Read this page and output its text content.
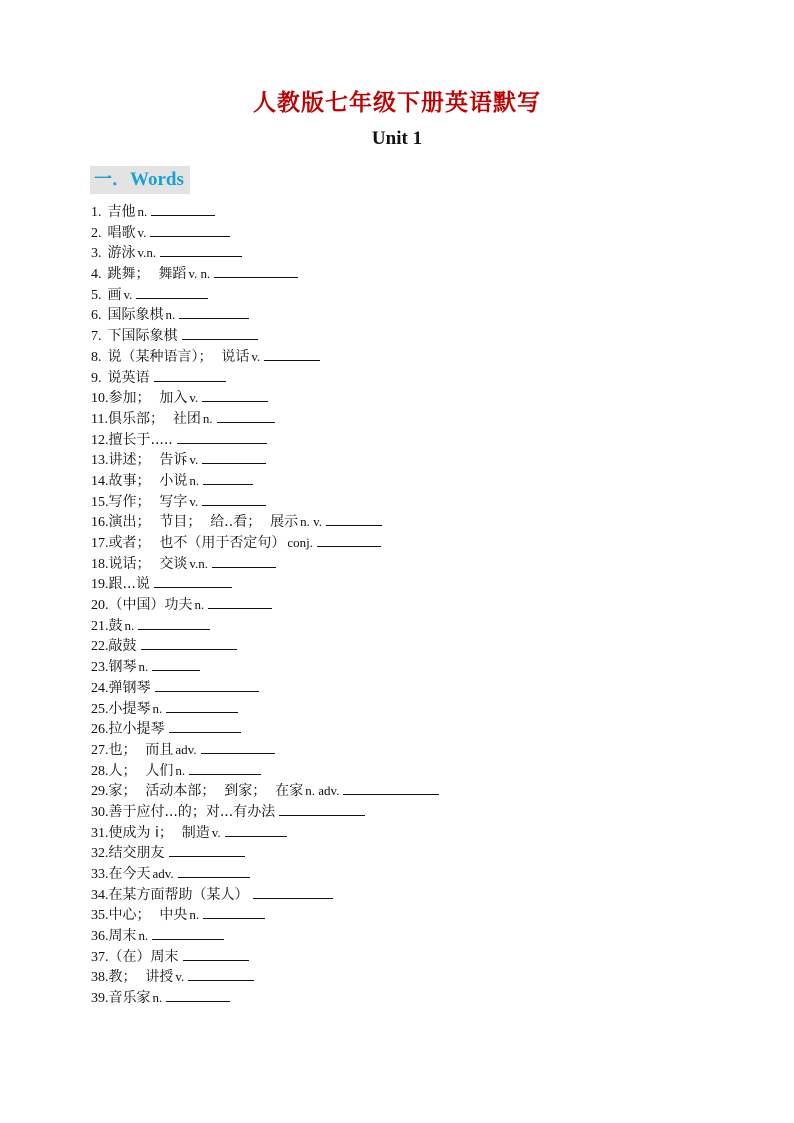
人教版七年级下册英语默写
Unit 1
一．Words
1. 吉他 n.
2. 唱歌 v.
3. 游泳 v.n.
4. 跳舞；  舞蹈 v. n.
5. 画 v.
6. 国际象棋 n.
7. 下国际象棋
8. 说（某种语言）；  说话 v.
9. 说英语
10.参加；  加入 v.
11.俱乐部；  社团 n.
12.擅长于.....
13.讲述；  告诉 v.
14.故事；  小说 n.
15.写作；  写字 v.
16.演出；  节目；  给..看；  展示 n. v.
17.或者；  也不（用于否定句） conj.
18.说话；  交谈 v.n.
19.跟...说
20.（中国）功夫 n.
21.鼓 n.
22.敲鼓
23.钢琴 n.
24.弹钢琴
25.小提琴 n.
26.拉小提琴
27.也；  而且 adv.
28.人；  人们 n.
29.家；  活动本部；  到家；  在家 n. adv.
30.善于应付...的；对...有办法
31.使成为 i；  制造 v.
32.结交朋友
33.在今天 adv.
34.在某方面帮助（某人）
35.中心；  中央 n.
36.周末 n.
37.（在）周末
38.教；  讲授 v.
39.音乐家 n.
